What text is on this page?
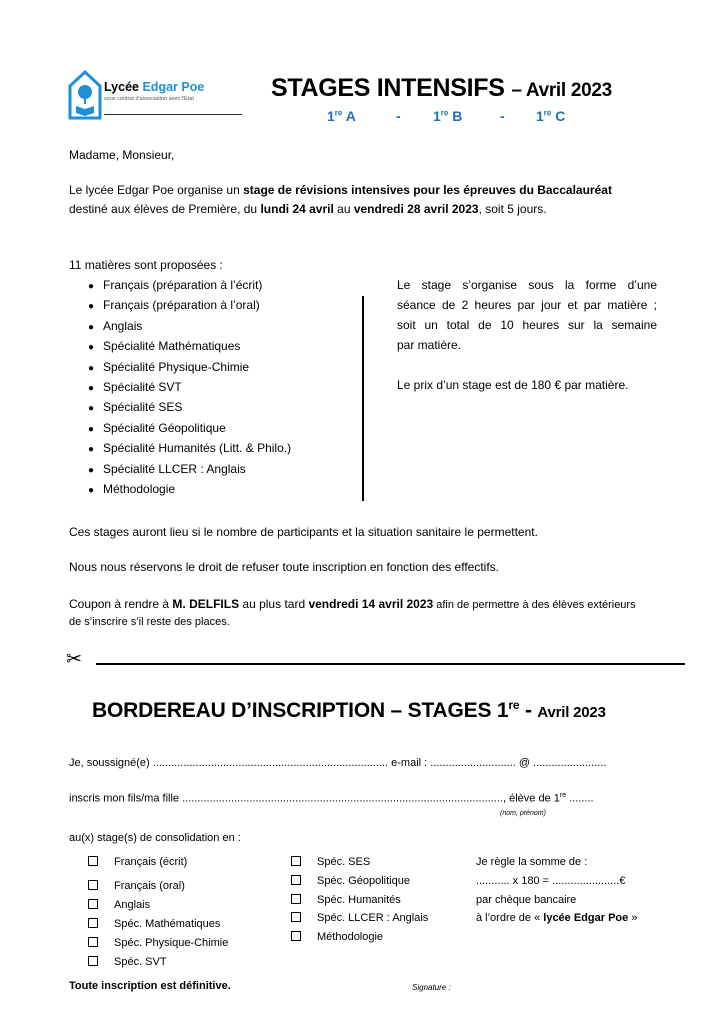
Lycée Edgar Poe
sous contrat d'association avec l'Etat	STAGES INTENSIFS – Avril 2023
1re A	- 1re B	- 1re C
Madame, Monsieur,
Le lycée Edgar Poe organise un stage de révisions intensives pour les épreuves du Baccalauréat
destiné aux élèves de Première, du lundi 24 avril au vendredi 28 avril 2023, soit 5 jours.
11 matières sont proposées :
● Français (préparation à l’écrit)
● Français (préparation à l’oral)
● Anglais
● Spécialité Mathématiques
● Spécialité Physique-Chimie
● Spécialité SVT
● Spécialité SES
● Spécialité Géopolitique
● Spécialité Humanités (Litt. & Philo.)
● Spécialité LLCER : Anglais
● Méthodologie
Le stage s’organise sous la forme d’une
séance de 2 heures par jour et par matière ;
soit un total de 10 heures sur la semaine
par matière.
Le prix d’un stage est de 180 € par matière.
Ces stages auront lieu si le nombre de participants et la situation sanitaire le permettent.
Nous nous réservons le droit de refuser toute inscription en fonction des effectifs.
Coupon à rendre à M. DELFILS au plus tard vendredi 14 avril 2023 afin de permettre à des élèves extérieurs
de s’inscrire s’il reste des places.
✂
BORDEREAU D’INSCRIPTION – STAGES 1re - Avril 2023
Je, soussigné(e) ............................................................................. e-mail : ............................ @ ........................
inscris mon fils/ma fille ........................................................................................................., élève de 1re ........
(nom, prénom)
au(x) stage(s) de consolidation en :
Français (écrit)
Français (oral)
Anglais
Spéc. Mathématiques
Spéc. Physique-Chimie
Spéc. SVT
Spéc. SES
Spéc. Géopolitique
Spéc. Humanités
Spéc. LLCER : Anglais
Méthodologie
Je règle la somme de :
........... x 180 = ......................€
par chèque bancaire
à l’ordre de « lycée Edgar Poe »
Toute inscription est définitive.	Signature :
